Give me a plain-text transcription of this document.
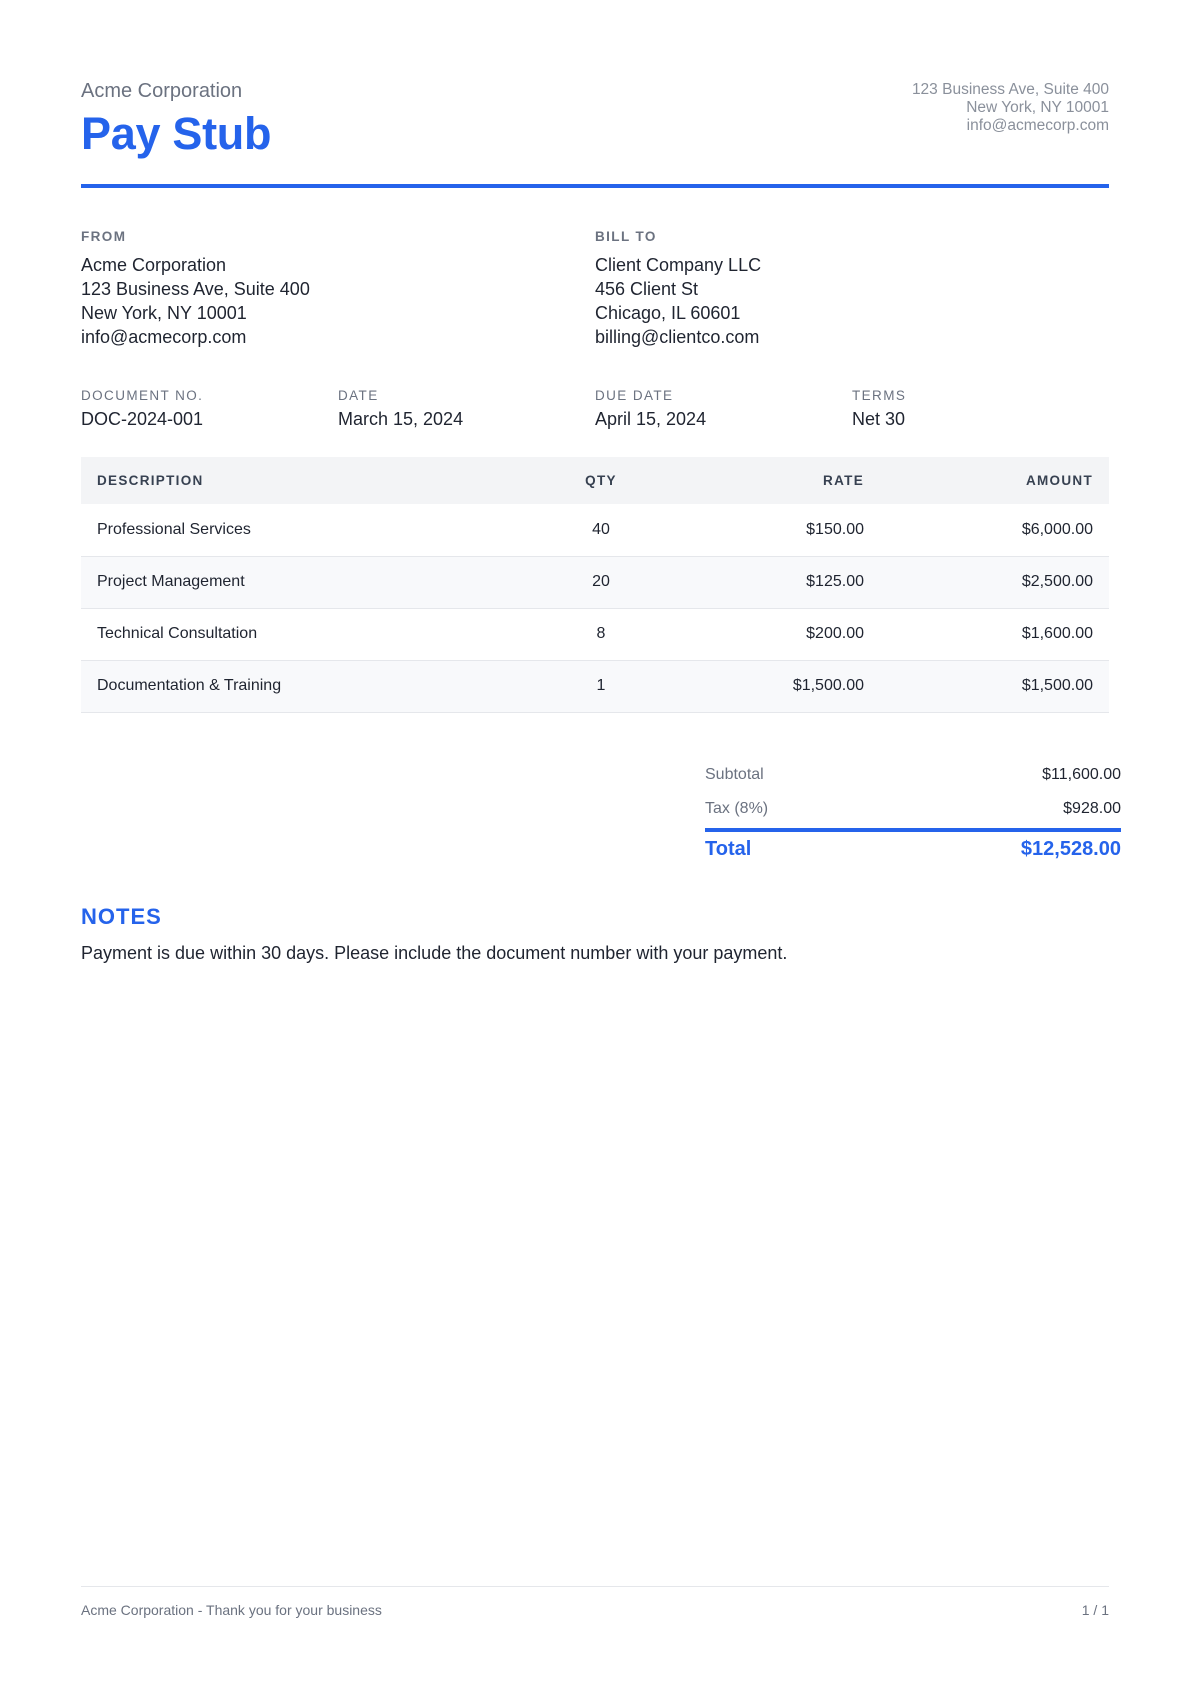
Acme Corporation
Pay Stub
123 Business Ave, Suite 400
New York, NY 10001
info@acmecorp.com
FROM
Acme Corporation
123 Business Ave, Suite 400
New York, NY 10001
info@acmecorp.com
BILL TO
Client Company LLC
456 Client St
Chicago, IL 60601
billing@clientco.com
DOCUMENT NO.
DOC-2024-001
DATE
March 15, 2024
DUE DATE
April 15, 2024
TERMS
Net 30
DESCRIPTION	QTY	RATE	AMOUNT
Professional Services	40	$150.00	$6,000.00
Project Management	20	$125.00	$2,500.00
Technical Consultation	8	$200.00	$1,600.00
Documentation & Training	1	$1,500.00	$1,500.00
Subtotal	$11,600.00
Tax (8%)	$928.00
Total	$12,528.00
NOTES
Payment is due within 30 days. Please include the document number with your payment.
Acme Corporation - Thank you for your business	1 / 1
